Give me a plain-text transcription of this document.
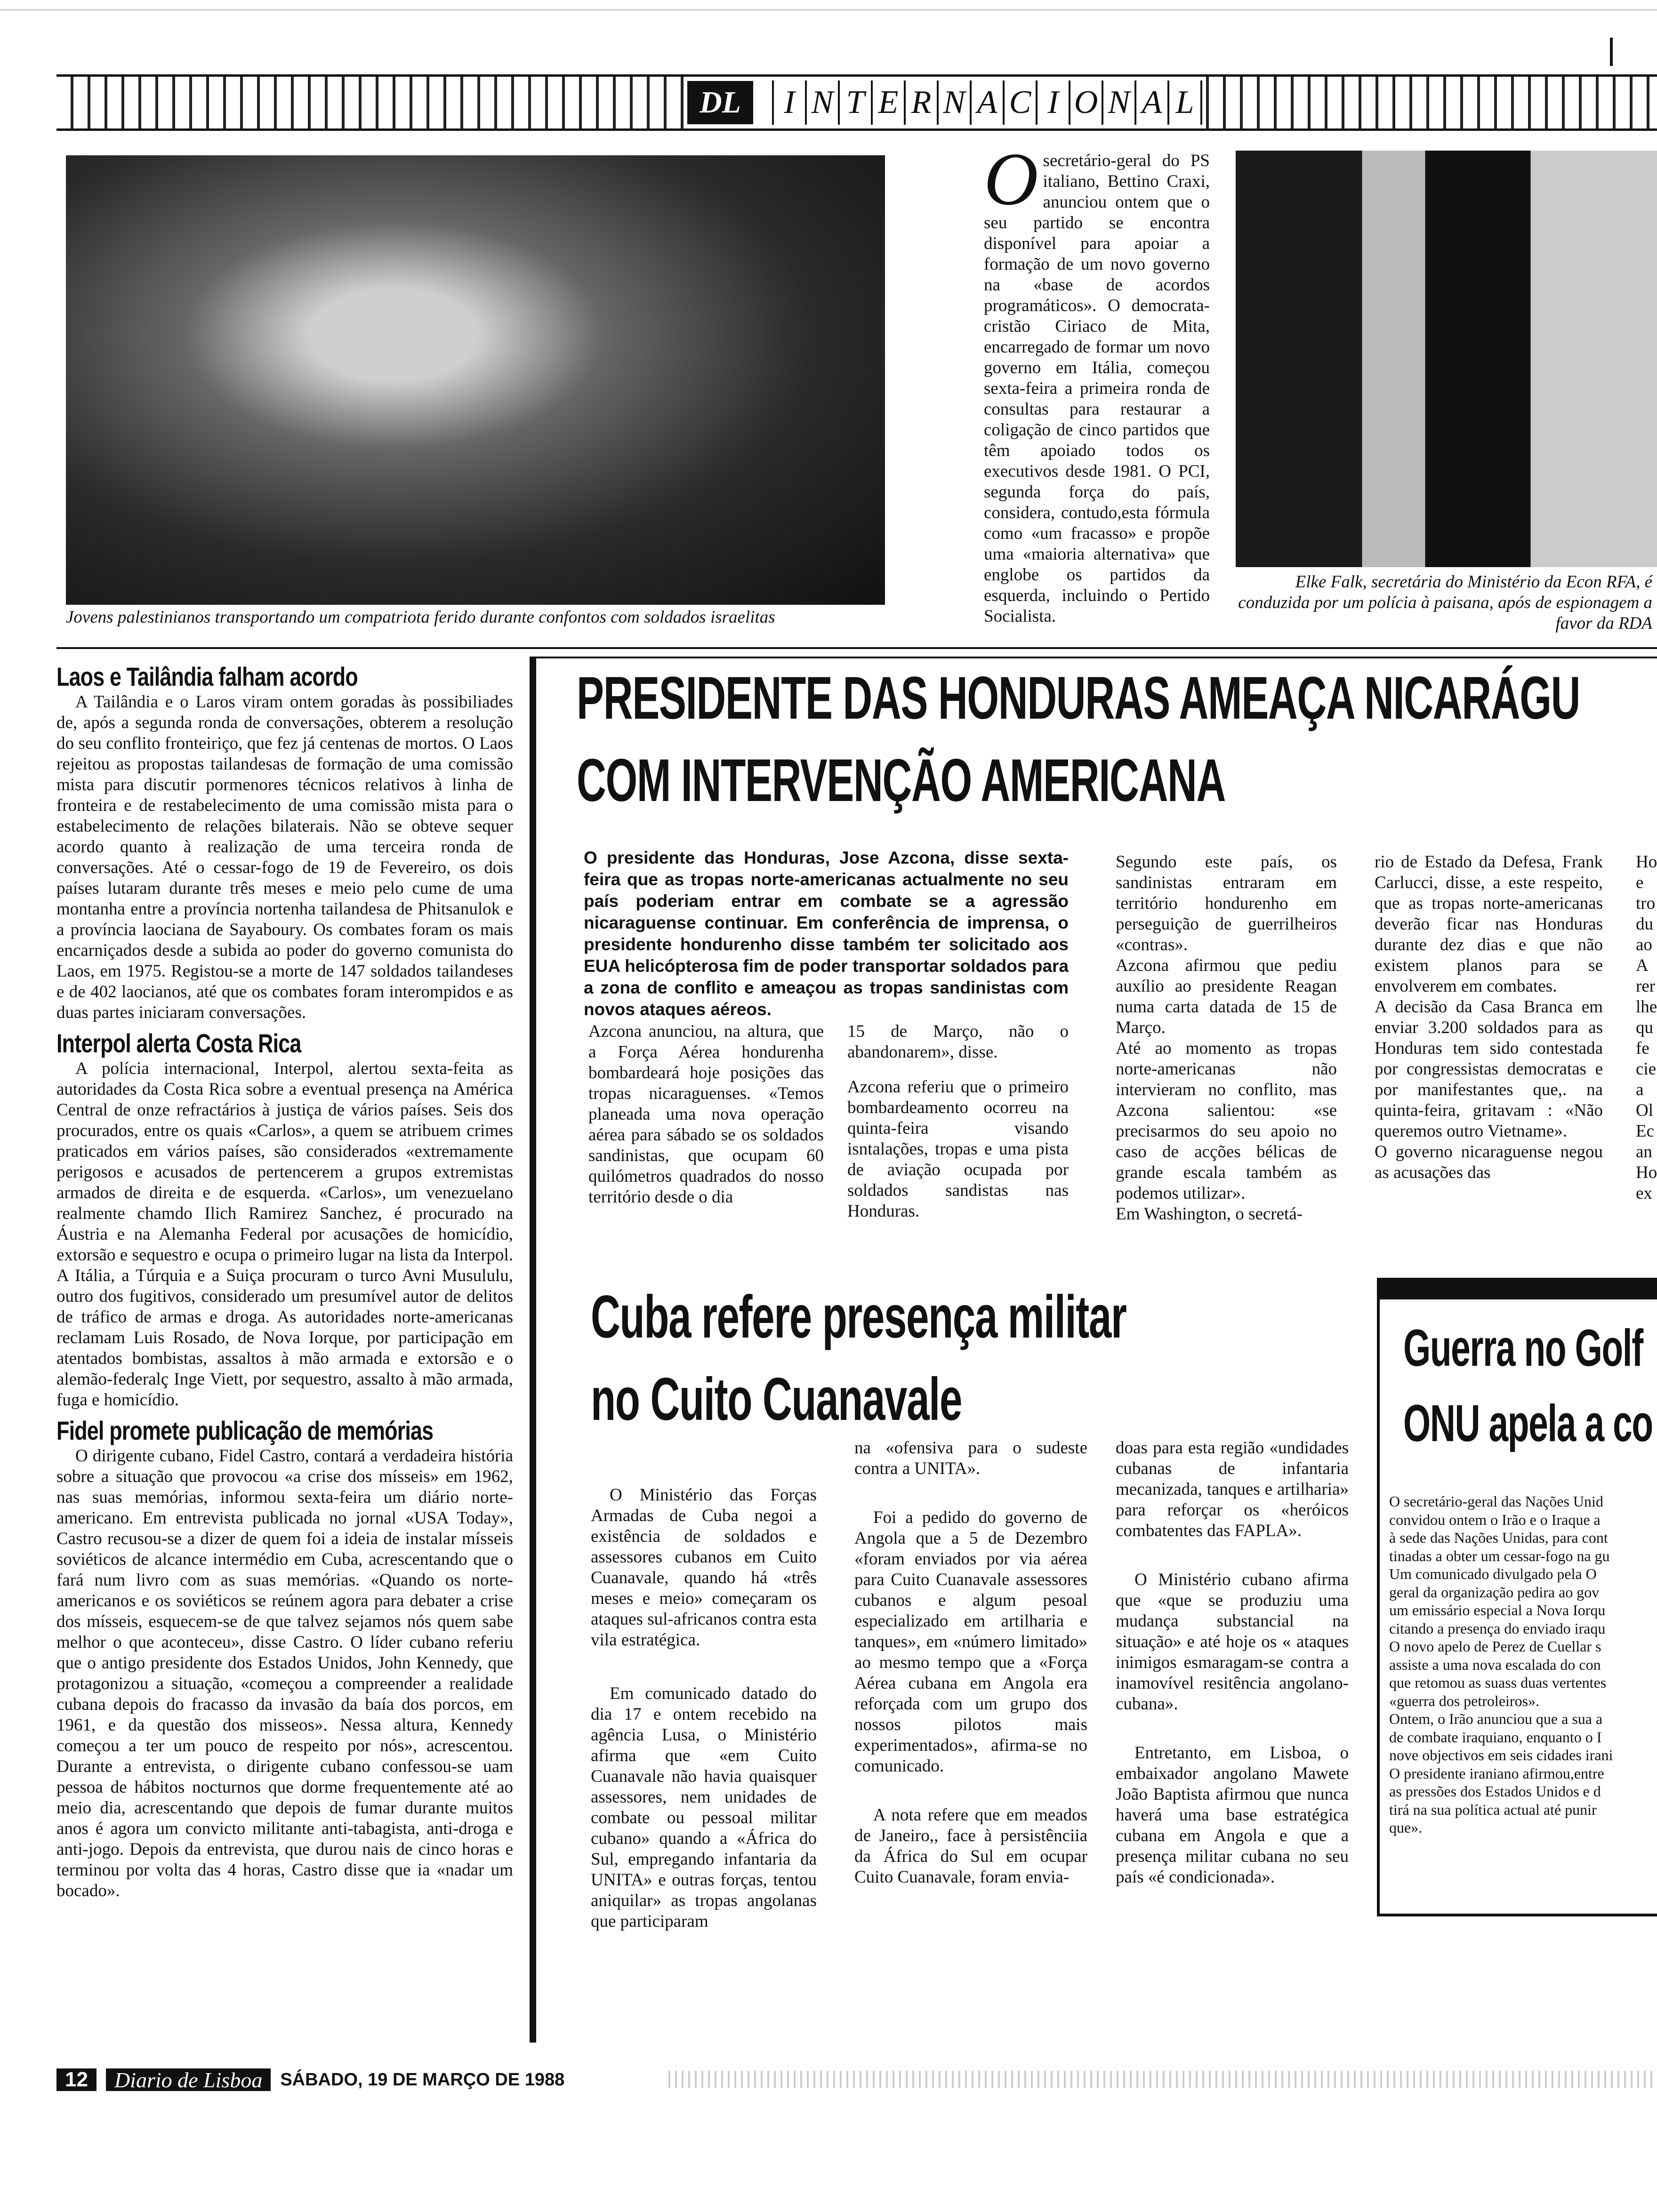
DL	I N T E R N A C I O N A L
Jovens palestinianos transportando um compatriota ferido durante confontos com soldados israelitas
Elke Falk, secretária do Ministério da Econ RFA, é conduzida por um polícia à paisana, após de espionagem a favor da RDA
O secretário-geral do PS italiano, Bettino Craxi, anunciou ontem que o seu partido se encontra disponível para apoiar a formação de um novo governo na «base de acordos programáticos». O democrata-cristão Ciriaco de Mita, encarregado de formar um novo governo em Itália, começou sexta-feira a primeira ronda de consultas para restaurar a coligação de cinco partidos que têm apoiado todos os executivos desde 1981. O PCI, segunda força do país, considera, contudo,esta fórmula como «um fracasso» e propõe uma «maioria alternativa» que englobe os partidos da esquerda, incluindo o Pertido Socialista.
Laos e Tailândia falham acordo
A Tailândia e o Laros viram ontem goradas às possibiliades de, após a segunda ronda de conversações, obterem a resolução do seu conflito fronteiriço, que fez já centenas de mortos. O Laos rejeitou as propostas tailandesas de formação de uma comissão mista para discutir pormenores técnicos relativos à linha de fronteira e de restabelecimento de uma comissão mista para o estabelecimento de relações bilaterais. Não se obteve sequer acordo quanto à realização de uma terceira ronda de conversações. Até o cessar-fogo de 19 de Fevereiro, os dois países lutaram durante três meses e meio pelo cume de uma montanha entre a província nortenha tailandesa de Phitsanulok e a província laociana de Sayaboury. Os combates foram os mais encarniçados desde a subida ao poder do governo comunista do Laos, em 1975. Registou-se a morte de 147 soldados tailandeses e de 402 laocianos, até que os combates foram interompidos e as duas partes iniciaram conversações.
Interpol alerta Costa Rica
A polícia internacional, Interpol, alertou sexta-feita as autoridades da Costa Rica sobre a eventual presença na América Central de onze refractários à justiça de vários países. Seis dos procurados, entre os quais «Carlos», a quem se atribuem crimes praticados em vários países, são considerados «extremamente perigosos e acusados de pertencerem a grupos extremistas armados de direita e de esquerda. «Carlos», um venezuelano realmente chamdo Ilich Ramirez Sanchez, é procurado na Áustria e na Alemanha Federal por acusações de homicídio, extorsão e sequestro e ocupa o primeiro lugar na lista da Interpol. A Itália, a Túrquia e a Suiça procuram o turco Avni Musululu, outro dos fugitivos, considerado um presumível autor de delitos de tráfico de armas e droga. As autoridades norte-americanas reclamam Luis Rosado, de Nova Iorque, por participação em atentados bombistas, assaltos à mão armada e extorsão e o alemão-federalç Inge Viett, por sequestro, assalto à mão armada, fuga e homicídio.
Fidel promete publicação de memórias
O dirigente cubano, Fidel Castro, contará a verdadeira história sobre a situação que provocou «a crise dos mísseis» em 1962, nas suas memórias, informou sexta-feira um diário norte-americano. Em entrevista publicada no jornal «USA Today», Castro recusou-se a dizer de quem foi a ideia de instalar mísseis soviéticos de alcance intermédio em Cuba, acrescentando que o fará num livro com as suas memórias. «Quando os norte-americanos e os soviéticos se reúnem agora para debater a crise dos mísseis, esquecem-se de que talvez sejamos nós quem sabe melhor o que aconteceu», disse Castro. O líder cubano referiu que o antigo presidente dos Estados Unidos, John Kennedy, que protagonizou a situação, «começou a compreender a realidade cubana depois do fracasso da invasão da baía dos porcos, em 1961, e da questão dos misseos». Nessa altura, Kennedy começou a ter um pouco de respeito por nós», acrescentou. Durante a entrevista, o dirigente cubano confessou-se uam pessoa de hábitos nocturnos que dorme frequentemente até ao meio dia, acrescentando que depois de fumar durante muitos anos é agora um convicto militante anti-tabagista, anti-droga e anti-jogo. Depois da entrevista, que durou nais de cinco horas e terminou por volta das 4 horas, Castro disse que ia «nadar um bocado».
PRESIDENTE DAS HONDURAS AMEAÇA NICARÁGU
COM INTERVENÇÃO AMERICANA
O presidente das Honduras, Jose Azcona, disse sexta-feira que as tropas norte-americanas actualmente no seu país poderiam entrar em combate se a agressão nicaraguense continuar. Em conferência de imprensa, o presidente hondurenho disse também ter solicitado aos EUA helicópterosa fim de poder transportar soldados para a zona de conflito e ameaçou as tropas sandinistas com novos ataques aéreos.
Azcona anunciou, na altura, que a Força Aérea hondurenha bombardeará hoje posições das tropas nicaraguenses. «Temos planeada uma nova operação aérea para sábado se os soldados sandinistas, que ocupam 60 quilómetros quadrados do nosso território desde o dia
15 de Março, não o abandonarem», disse.
Azcona referiu que o primeiro bombardeamento ocorreu na quinta-feira visando isntalações, tropas e uma pista de aviação ocupada por soldados sandistas nas Honduras.
Segundo este país, os sandinistas entraram em território hondurenho em perseguição de guerrilheiros «contras».
Azcona afirmou que pediu auxílio ao presidente Reagan numa carta datada de 15 de Março.
Até ao momento as tropas norte-americanas não intervieram no conflito, mas Azcona salientou: «se precisarmos do seu apoio no caso de acções bélicas de grande escala também as podemos utilizar».
Em Washington, o secretá-
rio de Estado da Defesa, Frank Carlucci, disse, a este respeito, que as tropas norte-americanas deverão ficar nas Honduras durante dez dias e que não existem planos para se envolverem em combates.
A decisão da Casa Branca em enviar 3.200 soldados para as Honduras tem sido contestada por congressistas democratas e por manifestantes que,. na quinta-feira, gritavam : «Não queremos outro Vietname».
O governo nicaraguense negou as acusações das
Ho
e
tro
du
ao
A
rer
lhe
qu
fe
cie
a
Ol
Ec
an
Ho
ex
Cuba refere presença militar
no Cuito Cuanavale
O Ministério das Forças Armadas de Cuba negoi a existência de soldados e assessores cubanos em Cuito Cuanavale, quando há «três meses e meio» começaram os ataques sul-africanos contra esta vila estratégica.
Em comunicado datado do dia 17 e ontem recebido na agência Lusa, o Ministério afirma que «em Cuito Cuanavale não havia quaisquer assessores, nem unidades de combate ou pessoal militar cubano» quando a «África do Sul, empregando infantaria da UNITA» e outras forças, tentou aniquilar» as tropas angolanas que participaram
na «ofensiva para o sudeste contra a UNITA».
Foi a pedido do governo de Angola que a 5 de Dezembro «foram enviados por via aérea para Cuito Cuanavale assessores cubanos e algum pesoal especializado em artilharia e tanques», em «número limitado» ao mesmo tempo que a «Força Aérea cubana em Angola era reforçada com um grupo dos nossos pilotos mais experimentados», afirma-se no comunicado.
A nota refere que em meados de Janeiro,, face à persistênciia da África do Sul em ocupar Cuito Cuanavale, foram envia-
doas para esta região «undidades cubanas de infantaria mecanizada, tanques e artilharia» para reforçar os «heróicos combatentes das FAPLA».
O Ministério cubano afirma que «que se produziu uma mudança substancial na situação» e até hoje os « ataques inimigos esmaragam-se contra a inamovível resitência angolano-cubana».
Entretanto, em Lisboa, o embaixador angolano Mawete João Baptista afirmou que nunca haverá uma base estratégica cubana em Angola e que a presença militar cubana no seu país «é condicionada».
Guerra no Golf
ONU apela a co
O secretário-geral das Nações Unid
convidou ontem o Irão e o Iraque a
à sede das Nações Unidas, para cont
tinadas a obter um cessar-fogo na gu
Um comunicado divulgado pela O
geral da organização pedira ao gov
um emissário especial a Nova Iorqu
citando a presença do enviado iraqu
O novo apelo de Perez de Cuellar s
assiste a uma nova escalada do con
que retomou as suass duas vertentes
«guerra dos petroleiros».
Ontem, o Irão anunciou que a sua a
de combate iraquiano, enquanto o I
nove objectivos em seis cidades irani
O presidente iraniano afirmou,entre
as pressões dos Estados Unidos e d
tirá na sua política actual até punir
que».
12	Diario de Lisboa	SÁBADO, 19 DE MARÇO DE 1988
